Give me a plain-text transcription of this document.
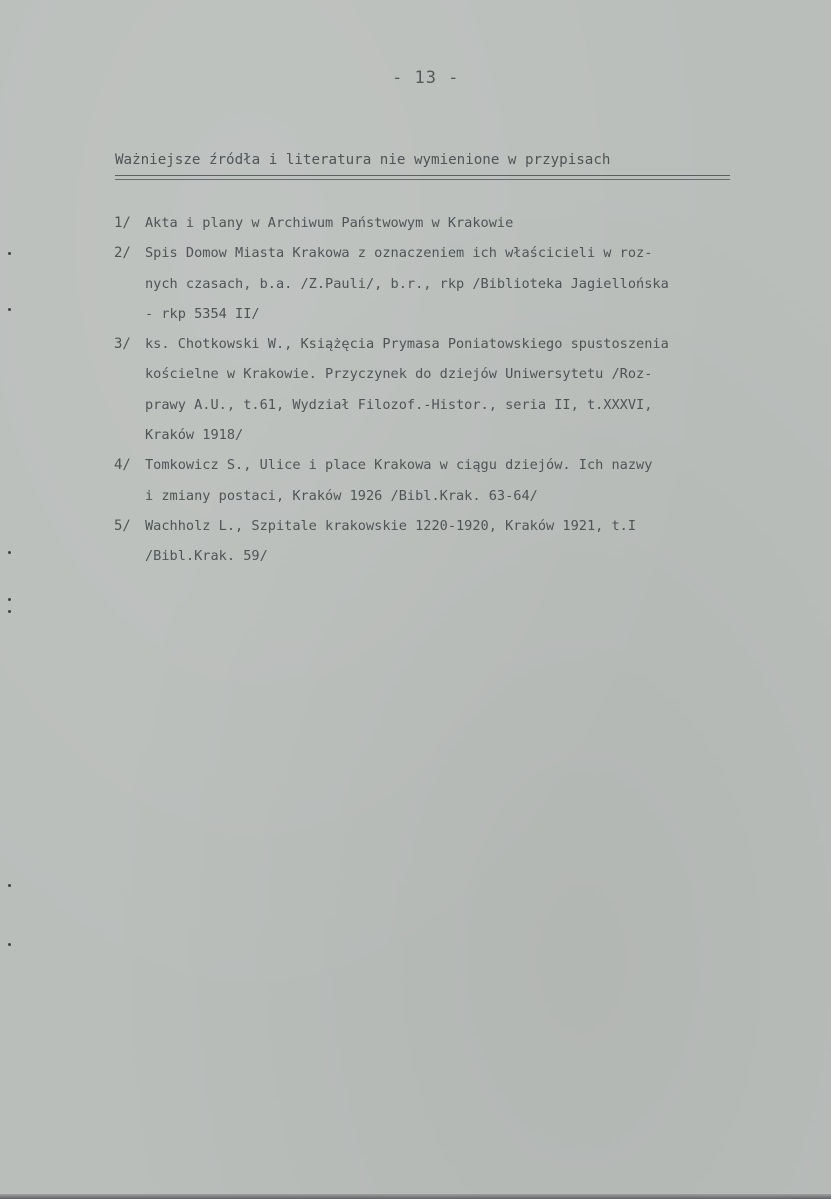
- 13 -
Ważniejsze źródła i literatura nie wymienione w przypisach
1/	Akta i plany w Archiwum Państwowym w Krakowie
2/	Spis Domow Miasta Krakowa z oznaczeniem ich właścicieli w roz-
nych czasach, b.a. /Z.Pauli/, b.r., rkp /Biblioteka Jagiellońska
- rkp 5354 II/
3/	ks. Chotkowski W., Książęcia Prymasa Poniatowskiego spustoszenia
kościelne w Krakowie. Przyczynek do dziejów Uniwersytetu /Roz-
prawy A.U., t.61, Wydział Filozof.-Histor., seria II, t.XXXVI,
Kraków 1918/
4/	Tomkowicz S., Ulice i place Krakowa w ciągu dziejów. Ich nazwy
i zmiany postaci, Kraków 1926 /Bibl.Krak. 63-64/
5/	Wachholz L., Szpitale krakowskie 1220-1920, Kraków 1921, t.I
/Bibl.Krak. 59/
